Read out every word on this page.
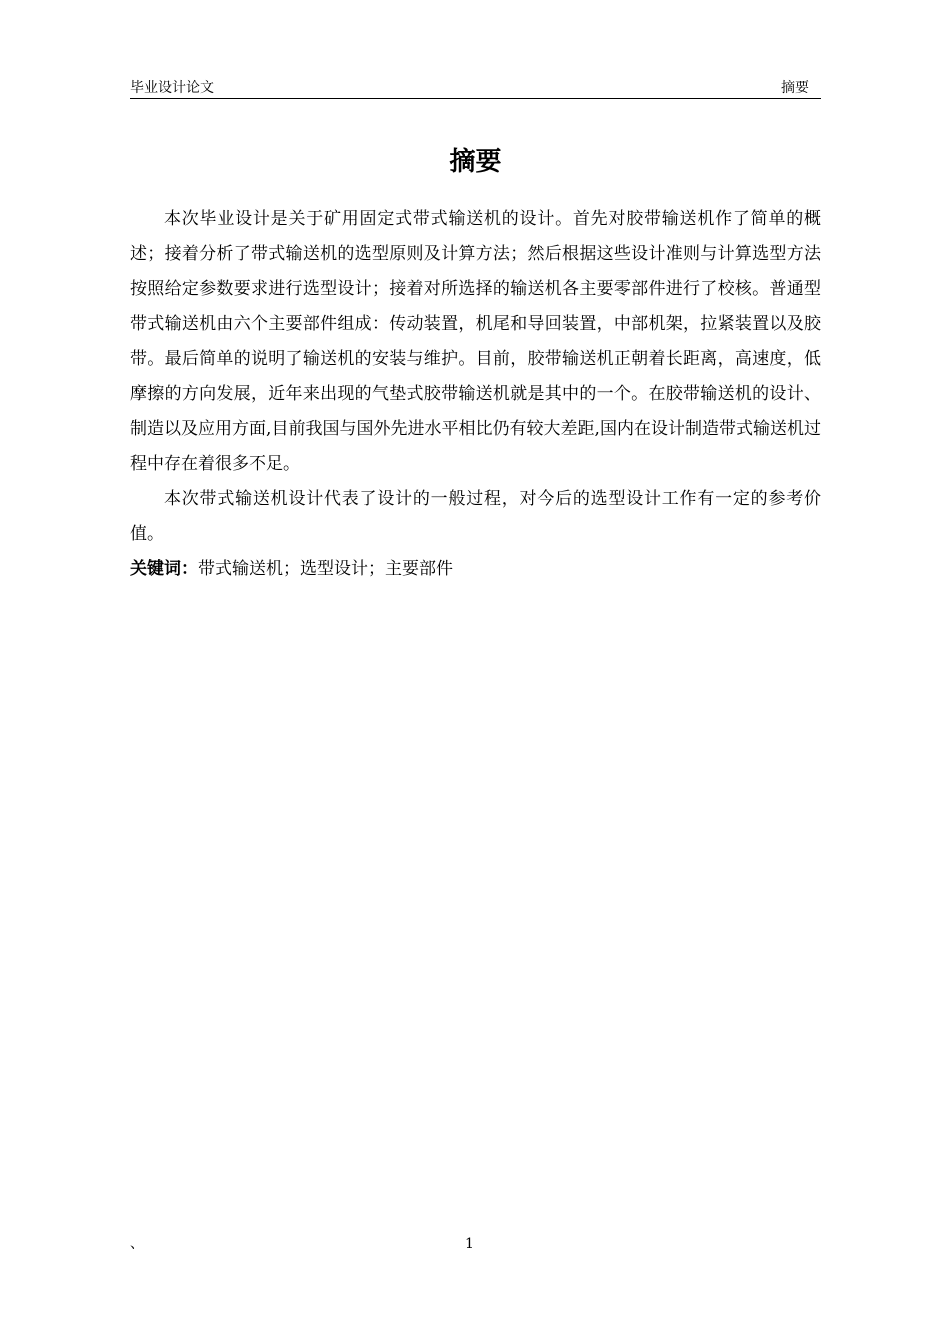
毕业设计论文	摘要
摘要

本次毕业设计是关于矿用固定式带式输送机的设计。首先对胶带输送机作了简单的概述；接着分析了带式输送机的选型原则及计算方法；然后根据这些设计准则与计算选型方法按照给定参数要求进行选型设计；接着对所选择的输送机各主要零部件进行了校核。普通型带式输送机由六个主要部件组成：传动装置，机尾和导回装置，中部机架，拉紧装置以及胶带。最后简单的说明了输送机的安装与维护。目前，胶带输送机正朝着长距离，高速度，低摩擦的方向发展，近年来出现的气垫式胶带输送机就是其中的一个。在胶带输送机的设计、制造以及应用方面,目前我国与国外先进水平相比仍有较大差距,国内在设计制造带式输送机过程中存在着很多不足。

本次带式输送机设计代表了设计的一般过程，对今后的选型设计工作有一定的参考价值。

关键词：带式输送机；选型设计；主要部件

、	1
